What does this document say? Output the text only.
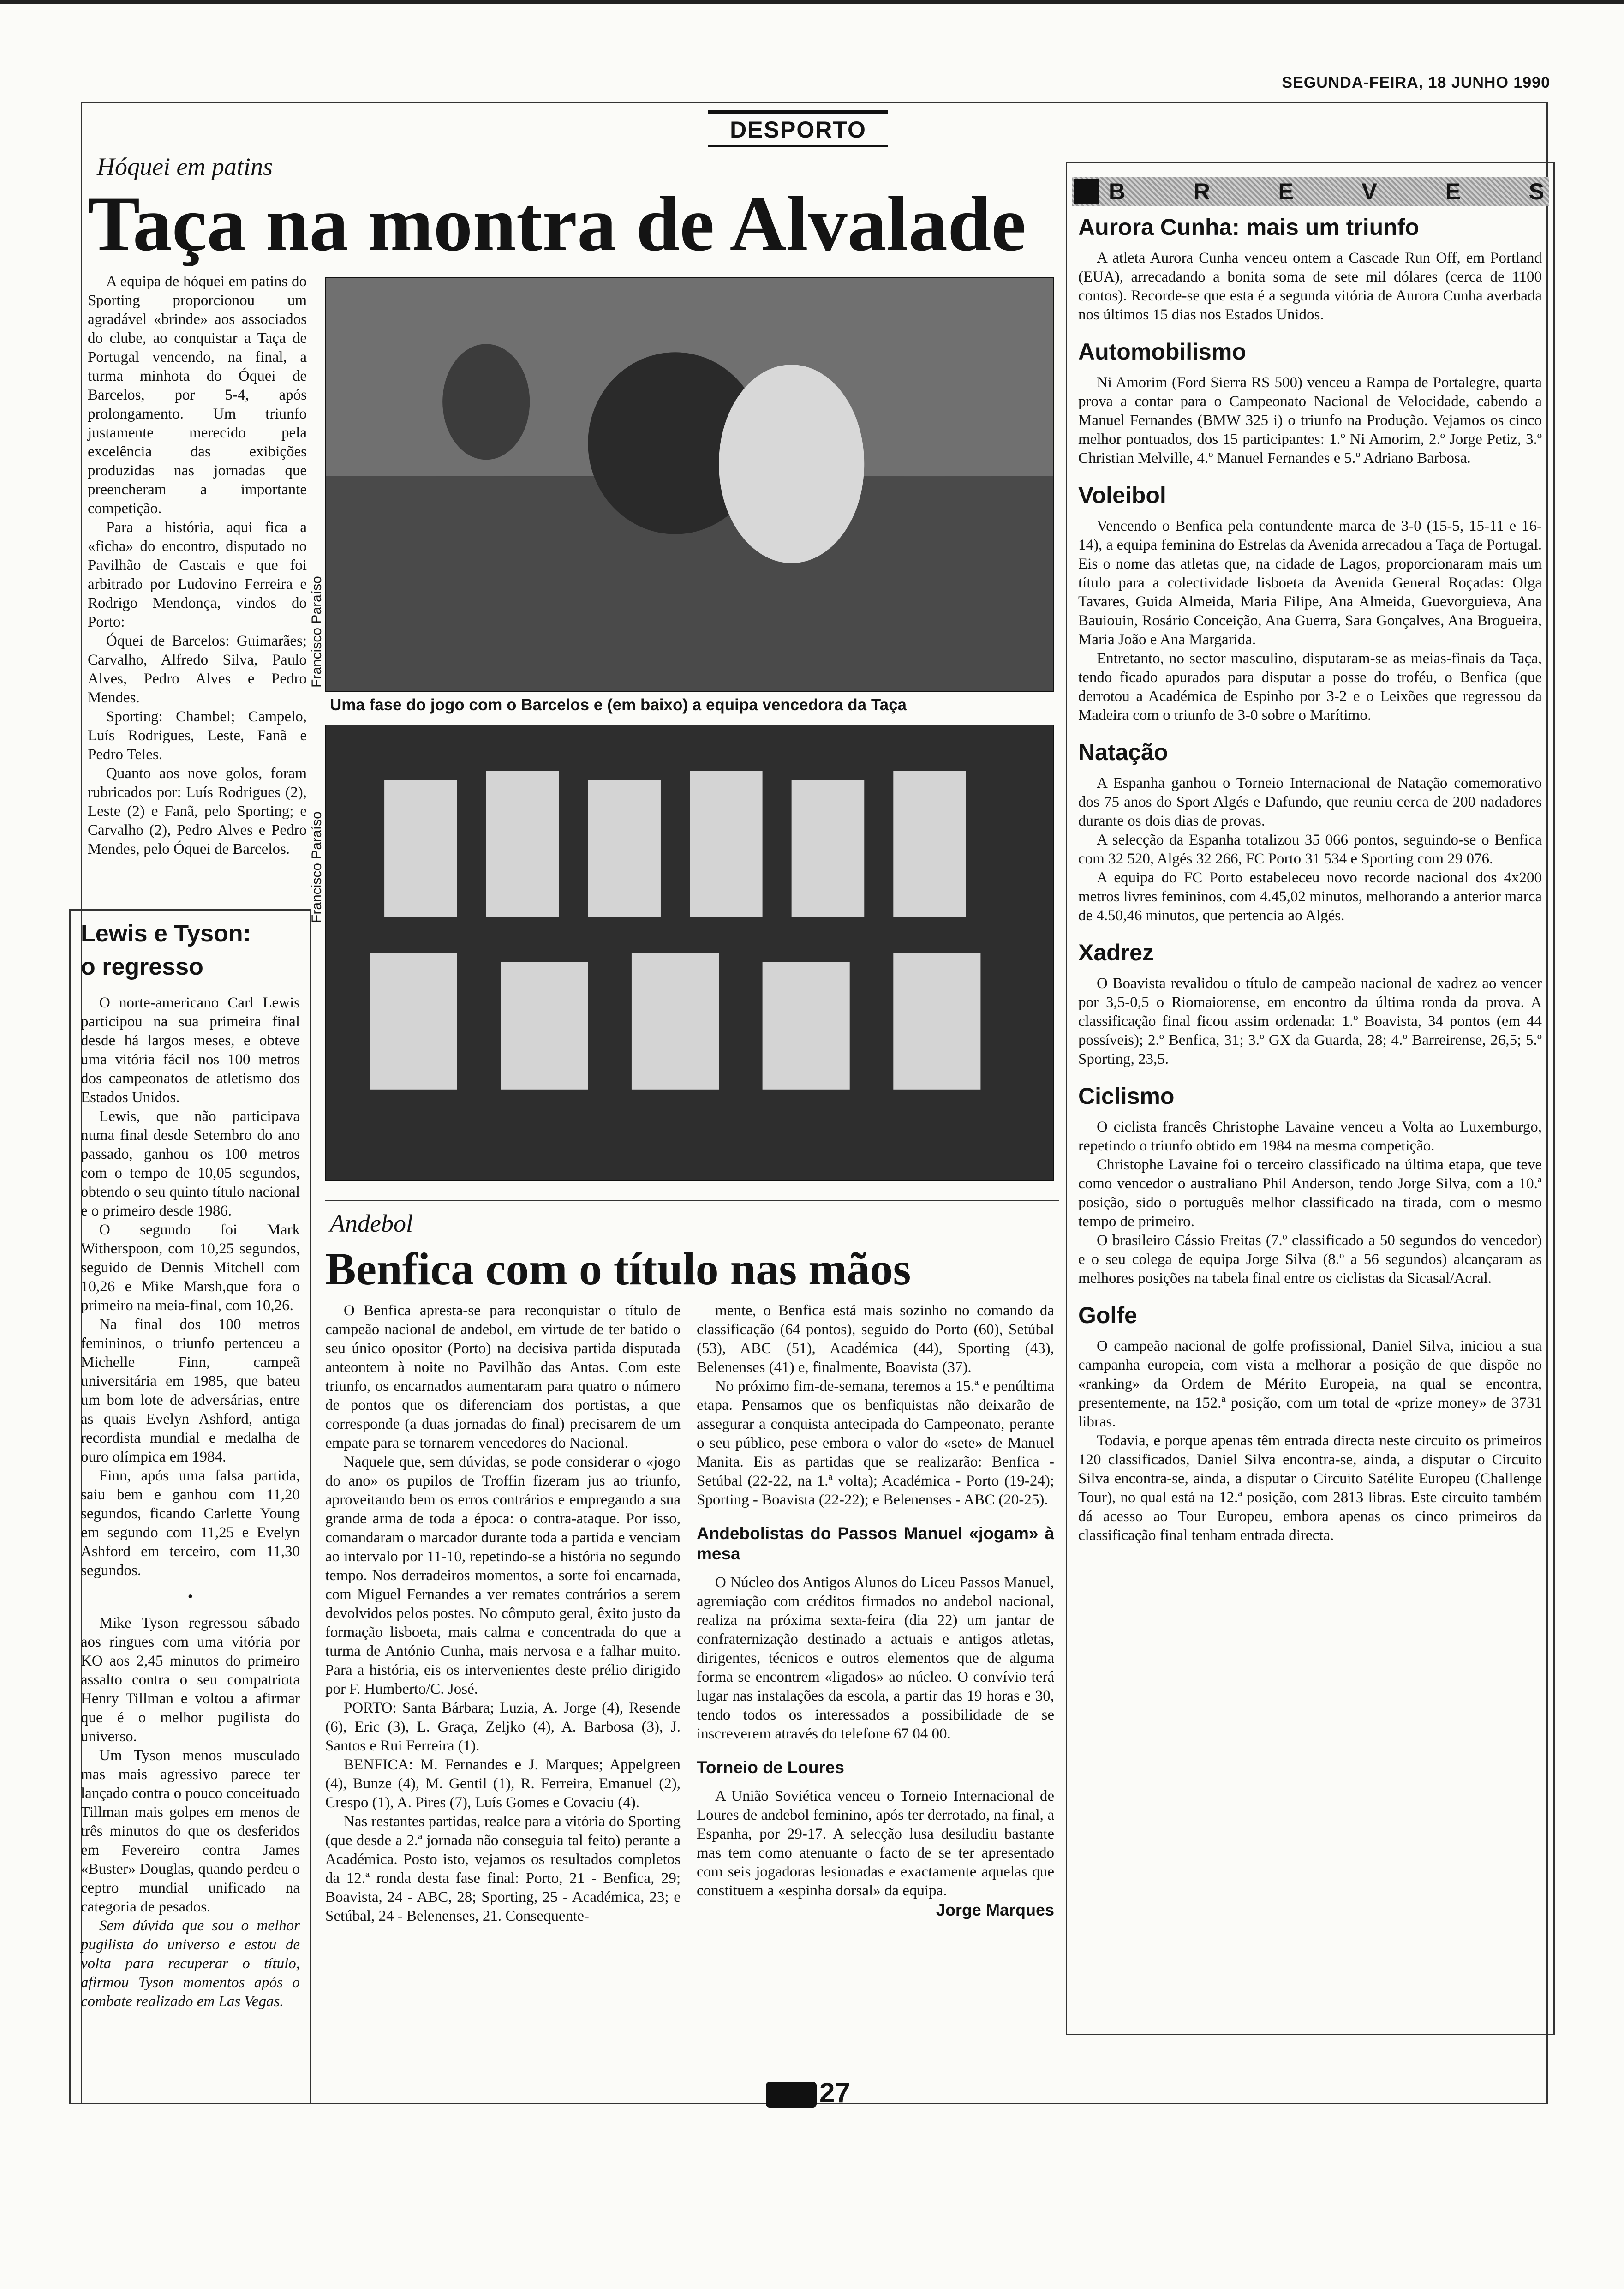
SEGUNDA-FEIRA, 18 JUNHO 1990
DESPORTO
Hóquei em patins
Taça na montra de Alvalade

A equipa de hóquei em patins do Sporting proporcionou um agradável «brinde» aos associados do clube, ao conquistar a Taça de Portugal vencendo, na final, a turma minhota do Óquei de Barcelos, por 5-4, após prolongamento. Um triunfo justamente merecido pela excelência das exibições produzidas nas jornadas que preencheram a importante competição.

Para a história, aqui fica a «ficha» do encontro, disputado no Pavilhão de Cascais e que foi arbitrado por Ludovino Ferreira e Rodrigo Mendonça, vindos do Porto:

Óquei de Barcelos: Guimarães; Carvalho, Alfredo Silva, Paulo Alves, Pedro Alves e Pedro Mendes.

Sporting: Chambel; Campelo, Luís Rodrigues, Leste, Fanã e Pedro Teles.

Quanto aos nove golos, foram rubricados por: Luís Rodrigues (2), Leste (2) e Fanã, pelo Sporting; e Carvalho (2), Pedro Alves e Pedro Mendes, pelo Óquei de Barcelos.

Francisco Paraíso
Uma fase do jogo com o Barcelos e (em baixo) a equipa vencedora da Taça
Francisco Paraíso
Lewis e Tyson:
o regresso

O norte-americano Carl Lewis participou na sua primeira final desde há largos meses, e obteve uma vitória fácil nos 100 metros dos campeonatos de atletismo dos Estados Unidos.

Lewis, que não participava numa final desde Setembro do ano passado, ganhou os 100 metros com o tempo de 10,05 segundos, obtendo o seu quinto título nacional e o primeiro desde 1986.

O segundo foi Mark Witherspoon, com 10,25 segundos, seguido de Dennis Mitchell com 10,26 e Mike Marsh,que fora o primeiro na meia-final, com 10,26.

Na final dos 100 metros femininos, o triunfo pertenceu a Michelle Finn, campeã universitária em 1985, que bateu um bom lote de adversárias, entre as quais Evelyn Ashford, antiga recordista mundial e medalha de ouro olímpica em 1984.

Finn, após uma falsa partida, saiu bem e ganhou com 11,20 segundos, ficando Carlette Young em segundo com 11,25 e Evelyn Ashford em terceiro, com 11,30 segundos.

•

Mike Tyson regressou sábado aos ringues com uma vitória por KO aos 2,45 minutos do primeiro assalto contra o seu compatriota Henry Tillman e voltou a afirmar que é o melhor pugilista do universo.

Um Tyson menos musculado mas mais agressivo parece ter lançado contra o pouco conceituado Tillman mais golpes em menos de três minutos do que os desferidos em Fevereiro contra James «Buster» Douglas, quando perdeu o ceptro mundial unificado na categoria de pesados.

Sem dúvida que sou o melhor pugilista do universo e estou de volta para recuperar o título, afirmou Tyson momentos após o combate realizado em Las Vegas.

Andebol
Benfica com o título nas mãos

O Benfica apresta-se para reconquistar o título de campeão nacional de andebol, em virtude de ter batido o seu único opositor (Porto) na decisiva partida disputada anteontem à noite no Pavilhão das Antas. Com este triunfo, os encarnados aumentaram para quatro o número de pontos que os diferenciam dos portistas, a que corresponde (a duas jornadas do final) precisarem de um empate para se tornarem vencedores do Nacional.

Naquele que, sem dúvidas, se pode considerar o «jogo do ano» os pupilos de Troffin fizeram jus ao triunfo, aproveitando bem os erros contrários e empregando a sua grande arma de toda a época: o contra-ataque. Por isso, comandaram o marcador durante toda a partida e venciam ao intervalo por 11-10, repetindo-se a história no segundo tempo. Nos derradeiros momentos, a sorte foi encarnada, com Miguel Fernandes a ver remates contrários a serem devolvidos pelos postes. No cômputo geral, êxito justo da formação lisboeta, mais calma e concentrada do que a turma de António Cunha, mais nervosa e a falhar muito. Para a história, eis os intervenientes deste prélio dirigido por F. Humberto/C. José.

PORTO: Santa Bárbara; Luzia, A. Jorge (4), Resende (6), Eric (3), L. Graça, Zeljko (4), A. Barbosa (3), J. Santos e Rui Ferreira (1).

BENFICA: M. Fernandes e J. Marques; Appelgreen (4), Bunze (4), M. Gentil (1), R. Ferreira, Emanuel (2), Crespo (1), A. Pires (7), Luís Gomes e Covaciu (4).

Nas restantes partidas, realce para a vitória do Sporting (que desde a 2.ª jornada não conseguia tal feito) perante a Académica. Posto isto, vejamos os resultados completos da 12.ª ronda desta fase final: Porto, 21 - Benfica, 29; Boavista, 24 - ABC, 28; Sporting, 25 - Académica, 23; e Setúbal, 24 - Belenenses, 21. Consequente-

mente, o Benfica está mais sozinho no comando da classificação (64 pontos), seguido do Porto (60), Setúbal (53), ABC (51), Académica (44), Sporting (43), Belenenses (41) e, finalmente, Boavista (37).

No próximo fim-de-semana, teremos a 15.ª e penúltima etapa. Pensamos que os benfiquistas não deixarão de assegurar a conquista antecipada do Campeonato, perante o seu público, pese embora o valor do «sete» de Manuel Manita. Eis as partidas que se realizarão: Benfica - Setúbal (22-22, na 1.ª volta); Académica - Porto (19-24); Sporting - Boavista (22-22); e Belenenses - ABC (20-25).

Andebolistas do Passos Manuel «jogam» à mesa

O Núcleo dos Antigos Alunos do Liceu Passos Manuel, agremiação com créditos firmados no andebol nacional, realiza na próxima sexta-feira (dia 22) um jantar de confraternização destinado a actuais e antigos atletas, dirigentes, técnicos e outros elementos que de alguma forma se encontrem «ligados» ao núcleo. O convívio terá lugar nas instalações da escola, a partir das 19 horas e 30, tendo todos os interessados a possibilidade de se inscreverem através do telefone 67 04 00.

Torneio de Loures

A União Soviética venceu o Torneio Internacional de Loures de andebol feminino, após ter derrotado, na final, a Espanha, por 29-17. A selecção lusa desiludiu bastante mas tem como atenuante o facto de se ter apresentado com seis jogadoras lesionadas e exactamente aquelas que constituem a «espinha dorsal» da equipa.

Jorge Marques
B	R	E	V	E	S
Aurora Cunha: mais um triunfo

A atleta Aurora Cunha venceu ontem a Cascade Run Off, em Portland (EUA), arrecadando a bonita soma de sete mil dólares (cerca de 1100 contos). Recorde-se que esta é a segunda vitória de Aurora Cunha averbada nos últimos 15 dias nos Estados Unidos.

Automobilismo

Ni Amorim (Ford Sierra RS 500) venceu a Rampa de Portalegre, quarta prova a contar para o Campeonato Nacional de Velocidade, cabendo a Manuel Fernandes (BMW 325 i) o triunfo na Produção. Vejamos os cinco melhor pontuados, dos 15 participantes: 1.º Ni Amorim, 2.º Jorge Petiz, 3.º Christian Melville, 4.º Manuel Fernandes e 5.º Adriano Barbosa.

Voleibol

Vencendo o Benfica pela contundente marca de 3-0 (15-5, 15-11 e 16-14), a equipa feminina do Estrelas da Avenida arrecadou a Taça de Portugal. Eis o nome das atletas que, na cidade de Lagos, proporcionaram mais um título para a colectividade lisboeta da Avenida General Roçadas: Olga Tavares, Guida Almeida, Maria Filipe, Ana Almeida, Guevorguieva, Ana Bauiouin, Rosário Conceição, Ana Guerra, Sara Gonçalves, Ana Brogueira, Maria João e Ana Margarida.

Entretanto, no sector masculino, disputaram-se as meias-finais da Taça, tendo ficado apurados para disputar a posse do troféu, o Benfica (que derrotou a Académica de Espinho por 3-2 e o Leixões que regressou da Madeira com o triunfo de 3-0 sobre o Marítimo.

Natação

A Espanha ganhou o Torneio Internacional de Natação comemorativo dos 75 anos do Sport Algés e Dafundo, que reuniu cerca de 200 nadadores durante os dois dias de provas.

A selecção da Espanha totalizou 35 066 pontos, seguindo-se o Benfica com 32 520, Algés 32 266, FC Porto 31 534 e Sporting com 29 076.

A equipa do FC Porto estabeleceu novo recorde nacional dos 4x200 metros livres femininos, com 4.45,02 minutos, melhorando a anterior marca de 4.50,46 minutos, que pertencia ao Algés.

Xadrez

O Boavista revalidou o título de campeão nacional de xadrez ao vencer por 3,5-0,5 o Riomaiorense, em encontro da última ronda da prova. A classificação final ficou assim ordenada: 1.º Boavista, 34 pontos (em 44 possíveis); 2.º Benfica, 31; 3.º GX da Guarda, 28; 4.º Barreirense, 26,5; 5.º Sporting, 23,5.

Ciclismo

O ciclista francês Christophe Lavaine venceu a Volta ao Luxemburgo, repetindo o triunfo obtido em 1984 na mesma competição.

Christophe Lavaine foi o terceiro classificado na última etapa, que teve como vencedor o australiano Phil Anderson, tendo Jorge Silva, com a 10.ª posição, sido o português melhor classificado na tirada, com o mesmo tempo de primeiro.

O brasileiro Cássio Freitas (7.º classificado a 50 segundos do vencedor) e o seu colega de equipa Jorge Silva (8.º a 56 segundos) alcançaram as melhores posições na tabela final entre os ciclistas da Sicasal/Acral.

Golfe

O campeão nacional de golfe profissional, Daniel Silva, iniciou a sua campanha europeia, com vista a melhorar a posição de que dispõe no «ranking» da Ordem de Mérito Europeia, na qual se encontra, presentemente, na 152.ª posição, com um total de «prize money» de 3731 libras.

Todavia, e porque apenas têm entrada directa neste circuito os primeiros 120 classificados, Daniel Silva encontra-se, ainda, a disputar o Circuito Silva encontra-se, ainda, a disputar o Circuito Satélite Europeu (Challenge Tour), no qual está na 12.ª posição, com 2813 libras. Este circuito também dá acesso ao Tour Europeu, embora apenas os cinco primeiros da classificação final tenham entrada directa.

27
